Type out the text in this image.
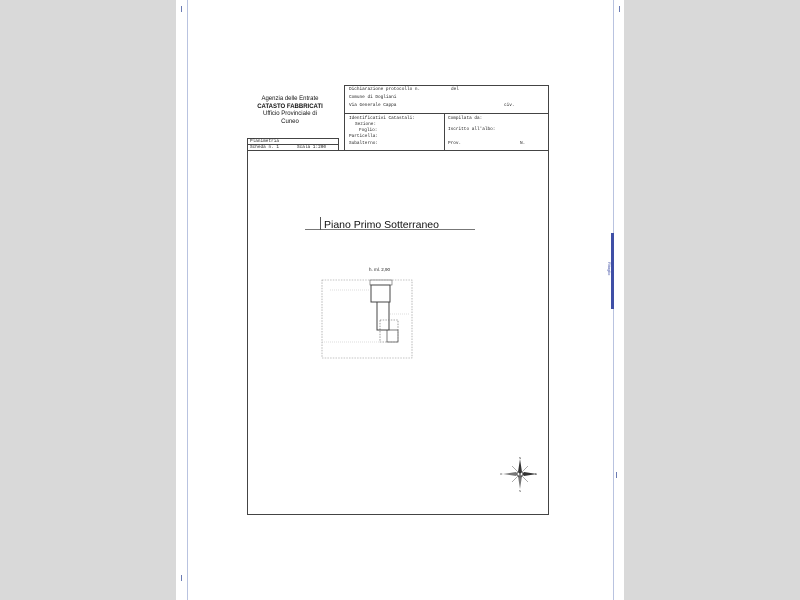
Ritaglio
Agenzia delle Entrate
CATASTO FABBRICATI
Ufficio Provinciale di
Cuneo
Dichiarazione protocollo n.	del
Comune di Dogliani
Via Generale Cappa	civ.
Identificativi Catastali:
Sezione:
Foglio:
Particella:
Subalterno:
Compilata da:
Iscritto all'albo:
Prov.	N.
Planimetria
Scheda n. 1	Scala 1:200
Piano Primo Sotterraneo
h. ml. 2,90
N
S
E
O
